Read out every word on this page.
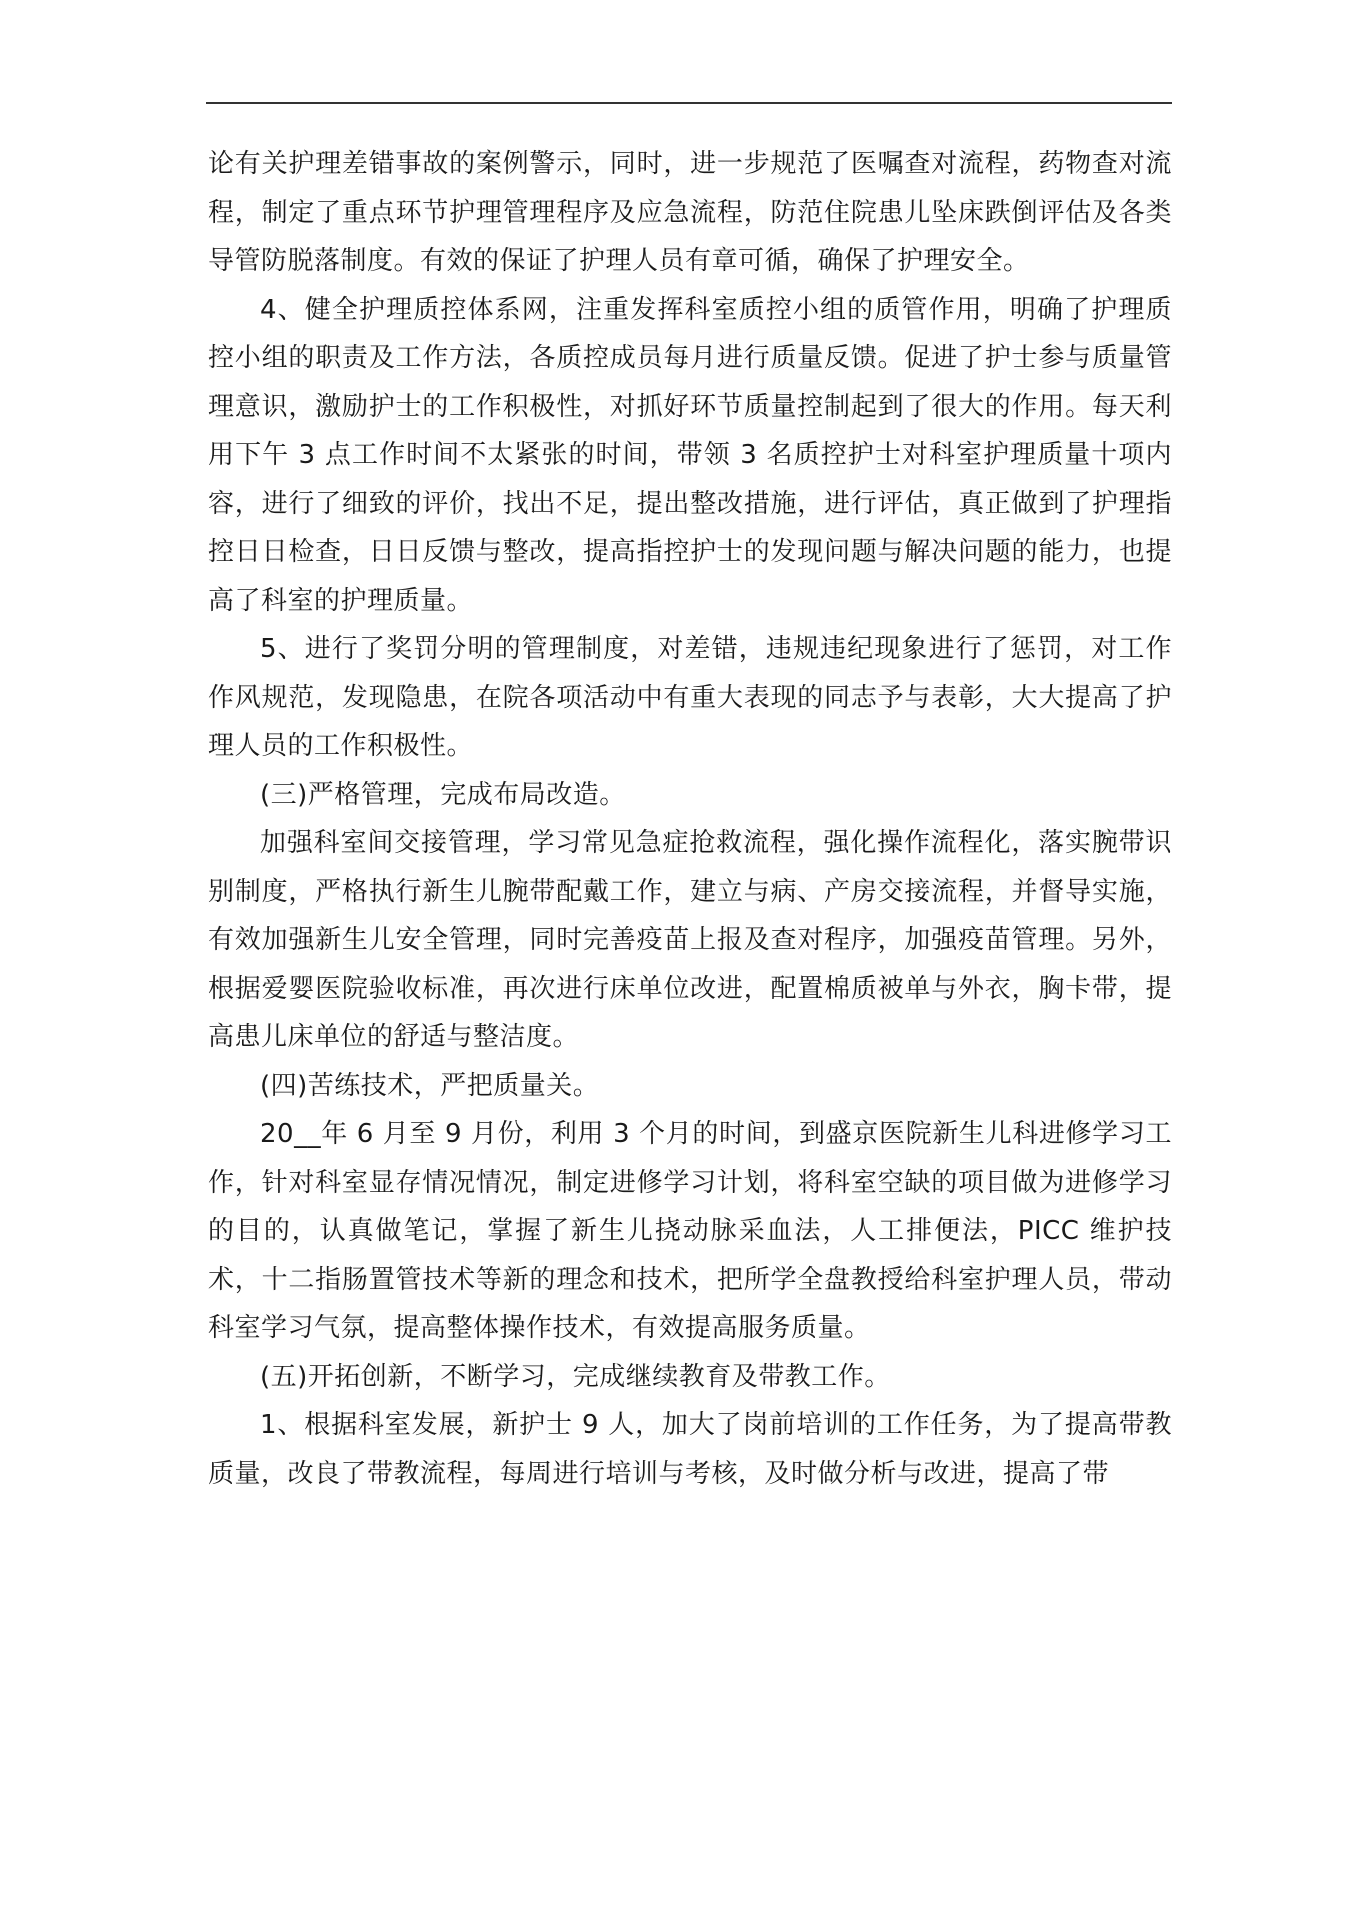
论有关护理差错事故的案例警示，同时，进一步规范了医嘱查对流程，药物查对流程，制定了重点环节护理管理程序及应急流程，防范住院患儿坠床跌倒评估及各类导管防脱落制度。有效的保证了护理人员有章可循，确保了护理安全。

4、健全护理质控体系网，注重发挥科室质控小组的质管作用，明确了护理质控小组的职责及工作方法，各质控成员每月进行质量反馈。促进了护士参与质量管理意识，激励护士的工作积极性，对抓好环节质量控制起到了很大的作用。每天利用下午 3 点工作时间不太紧张的时间，带领 3 名质控护士对科室护理质量十项内容，进行了细致的评价，找出不足，提出整改措施，进行评估，真正做到了护理指控日日检查，日日反馈与整改，提高指控护士的发现问题与解决问题的能力，也提高了科室的护理质量。

5、进行了奖罚分明的管理制度，对差错，违规违纪现象进行了惩罚，对工作作风规范，发现隐患，在院各项活动中有重大表现的同志予与表彰，大大提高了护理人员的工作积极性。

(三)严格管理，完成布局改造。

加强科室间交接管理，学习常见急症抢救流程，强化操作流程化，落实腕带识别制度，严格执行新生儿腕带配戴工作，建立与病、产房交接流程，并督导实施，有效加强新生儿安全管理，同时完善疫苗上报及查对程序，加强疫苗管理。另外，根据爱婴医院验收标准，再次进行床单位改进，配置棉质被单与外衣，胸卡带，提高患儿床单位的舒适与整洁度。

(四)苦练技术，严把质量关。

20__年 6 月至 9 月份，利用 3 个月的时间，到盛京医院新生儿科进修学习工作，针对科室显存情况情况，制定进修学习计划，将科室空缺的项目做为进修学习的目的，认真做笔记，掌握了新生儿挠动脉采血法，人工排便法，PICC 维护技术，十二指肠置管技术等新的理念和技术，把所学全盘教授给科室护理人员，带动科室学习气氛，提高整体操作技术，有效提高服务质量。

(五)开拓创新，不断学习，完成继续教育及带教工作。

1、根据科室发展，新护士 9 人，加大了岗前培训的工作任务，为了提高带教质量，改良了带教流程，每周进行培训与考核，及时做分析与改进，提高了带
